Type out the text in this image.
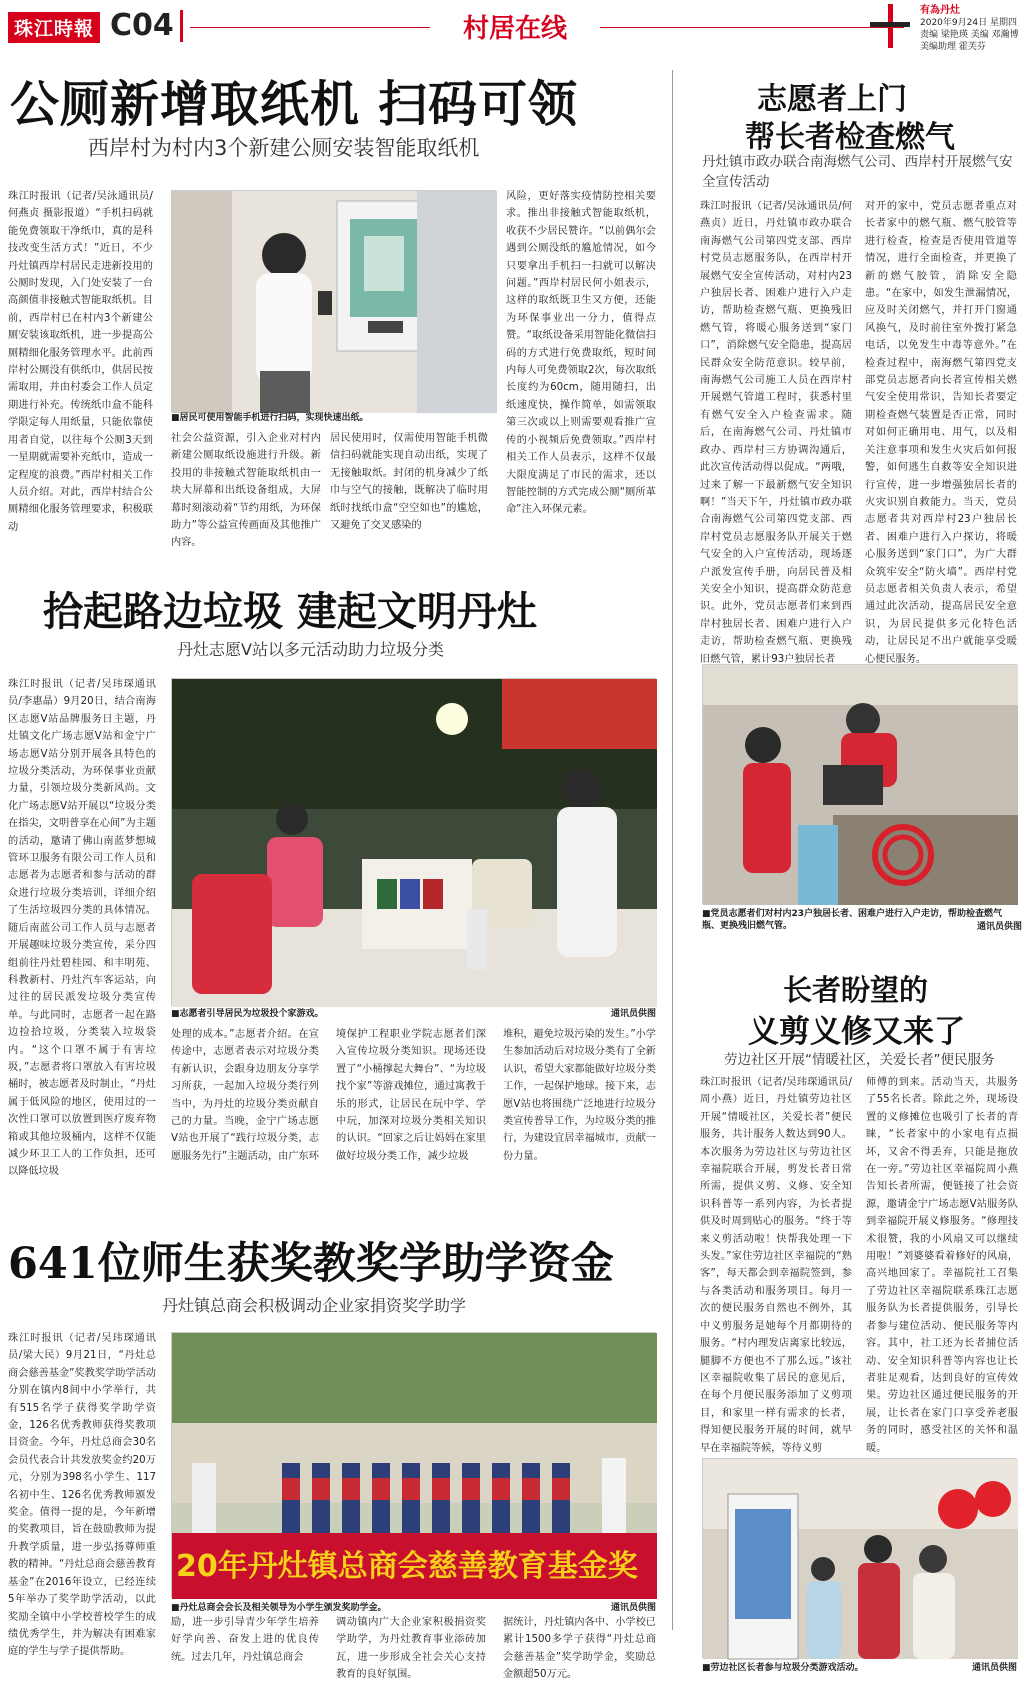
珠江時報 C04	村居在线
有為丹灶
2020年9月24日 星期四
责编 梁艳瑛 美编 邓瀚博
美编助理 霍芙芬
公厕新增取纸机 扫码可领
西岸村为村内3个新建公厕安装智能取纸机
珠江时报讯（记者/吴泳通讯员/何燕贞 摄影报道）“手机扫码就能免费领取干净纸巾，真的是科技改变生活方式！”近日，不少丹灶镇西岸村居民走进新投用的公厕时发现，入门处安装了一台高颜值非接触式智能取纸机。目前，西岸村已在村内3个新建公厕安装该取纸机，进一步提高公厕精细化服务管理水平。此前西岸村公厕没有供纸巾，供居民按需取用，并由村委会工作人员定期进行补充。传统纸巾盒不能科学限定每人用纸量，只能依靠使用者自觉，以往每个公厕3天到一星期就需要补充纸巾，造成一定程度的浪费。”西岸村相关工作人员介绍。对此，西岸村结合公厕精细化服务管理要求，积极联动
■居民可使用智能手机进行扫码，实现快速出纸。
社会公益资源，引入企业对村内新建公厕取纸设施进行升级。新投用的非接触式智能取纸机由一块大屏幕和出纸设备组成，大屏幕时刻滚动着“节约用纸，为环保助力”等公益宣传画面及其他推广内容。
居民使用时，仅需使用智能手机微信扫码就能实现自动出纸，实现了无接触取纸。封闭的机身减少了纸巾与空气的接触，既解决了临时用纸时找纸巾盒“空空如也”的尴尬，又避免了交叉感染的
风险，更好落实疫情防控相关要求。推出非接触式智能取纸机，收获不少居民赞许。“以前偶尔会遇到公厕没纸的尴尬情况，如今只要拿出手机扫一扫就可以解决问题。”西岸村居民何小姐表示，这样的取纸既卫生又方便，还能为环保事业出一分力，值得点赞。“取纸设备采用智能化微信扫码的方式进行免费取纸，短时间内每人可免费领取2次，每次取纸长度约为60cm，随用随扫，出纸速度快，操作简单，如需领取第三次或以上则需要观看推广宣传的小视频后免费领取。”西岸村相关工作人员表示，这样不仅最大限度满足了市民的需求，还以智能控制的方式完成公厕“厕所革命”注入环保元素。
志愿者上门
帮长者检查燃气
丹灶镇市政办联合南海燃气公司、西岸村开展燃气安全宣传活动
珠江时报讯（记者/吴泳通讯员/何燕贞）近日，丹灶镇市政办联合南海燃气公司第四党支部、西岸村党员志愿服务队，在西岸村开展燃气安全宣传活动，对村内23户独居长者、困难户进行入户走访，帮助检查燃气瓶、更换残旧燃气管，将暖心服务送到“家门口”，消除燃气安全隐患，提高居民群众安全防范意识。较早前，南海燃气公司施工人员在西岸村开展燃气管道工程时，获悉村里有燃气安全入户检查需求。随后，在南海燃气公司、丹灶镇市政办、西岸村三方协调沟通后，此次宣传活动得以促成。“两哦，过来了解一下最新燃气安全知识啊！”当天下午，丹灶镇市政办联合南海燃气公司第四党支部、西岸村党员志愿服务队开展关于燃气安全的入户宣传活动，现场逐户派发宣传手册，向居民普及相关安全小知识，提高群众防范意识。此外，党员志愿者们来到西岸村独居长者、困难户进行入户走访，帮助检查燃气瓶、更换残旧燃气管，累计93户独居长者
对开的家中，党员志愿者重点对长者家中的燃气瓶、燃气胶管等进行检查，检查是否使用管道等情况，进行全面检查，并更换了新的燃气胶管，消除安全隐患。“在家中，如发生泄漏情况，应及时关闭燃气，并打开门窗通风换气，及时前往室外拨打紧急电话，以免发生中毒等意外。”在检查过程中，南海燃气第四党支部党员志愿者向长者宣传相关燃气安全使用常识，告知长者要定期检查燃气装置是否正常，同时对如何正确用电、用气，以及相关注意事项和发生火灾后如何报警，如何逃生自救等安全知识进行宣传，进一步增强独居长者的火灾识别自救能力。当天，党员志愿者共对西岸村23户独居长者、困难户进行入户探访，将暖心服务送到“家门口”，为广大群众筑牢安全“防火墙”。西岸村党员志愿者相关负责人表示，希望通过此次活动，提高居民安全意识，为居民提供多元化特色活动，让居民足不出户就能享受暖心便民服务。
■党员志愿者们对村内23户独居长者、困难户进行入户走访，帮助检查燃气瓶、更换残旧燃气管。	通讯员供图
拾起路边垃圾 建起文明丹灶
丹灶志愿V站以多元活动助力垃圾分类
珠江时报讯（记者/吴玮琛通讯员/李惠晶）9月20日，结合南海区志愿V站品牌服务日主题，丹灶镇文化广场志愿V站和金宁广场志愿V站分别开展各具特色的垃圾分类活动，为环保事业贡献力量，引领垃圾分类新风尚。文化广场志愿V站开展以“垃圾分类在指尖，文明普享在心间”为主题的活动，邀请了佛山南蓝梦想城管环卫服务有限公司工作人员和志愿者为志愿者和参与活动的群众进行垃圾分类培训，详细介绍了生活垃圾四分类的具体情况。随后南蓝公司工作人员与志愿者开展趣味垃圾分类宣传，采分四组前往丹灶碧桂园、和丰明苑、科教新村、丹灶汽车客运站，向过往的居民派发垃圾分类宣传单。与此同时，志愿者一起在路边捡拾垃圾，分类装入垃圾袋内。“这个口罩不属于有害垃圾，”志愿者将口罩放入有害垃圾桶时，被志愿者及时制止，“丹灶属于低风险的地区，使用过的一次性口罩可以放置到医疗废弃物箱或其他垃圾桶内，这样不仅能减少环卫工人的工作负担，还可以降低垃圾
■志愿者引导居民为垃圾投个家游戏。	通讯员供图
处理的成本。”志愿者介绍。在宣传途中，志愿者表示对垃圾分类有新认识，会跟身边朋友分享学习所获，一起加入垃圾分类行列当中，为丹灶的垃圾分类贡献自己的力量。当晚，金宁广场志愿V站也开展了“践行垃圾分类，志愿服务先行”主题活动，由广东环
境保护工程职业学院志愿者们深入宣传垃圾分类知识。现场还设置了“小桶撑起大舞台”、“为垃圾找个家”等游戏摊位，通过寓教于乐的形式，让居民在玩中学、学中玩，加深对垃圾分类相关知识的认识。“回家之后让妈妈在家里做好垃圾分类工作，减少垃圾
堆积，避免垃圾污染的发生。”小学生参加活动后对垃圾分类有了全新认识，希望大家都能做好垃圾分类工作，一起保护地球。接下来，志愿V站也将围绕广泛地进行垃圾分类宣传普导工作，为垃圾分类的推行，为建设宜居幸福城市，贡献一份力量。
长者盼望的
义剪义修又来了
劳边社区开展“情暖社区，关爱长者”便民服务
珠江时报讯（记者/吴玮琛通讯员/周小燕）近日，丹灶镇劳边社区开展“情暖社区，关爱长者”便民服务，共计服务人数达到90人。本次服务为劳边社区与劳边社区幸福院联合开展，剪发长者日常所需，提供义剪、义修、安全知识科普等一系列内容，为长者提供及时周到贴心的服务。“终于等来义剪活动啦！快帮我处理一下头发。”家住劳边社区幸福院的“熟客”，每天都会到幸福院签到，参与各类活动和服务项目。每月一次的便民服务自然也不例外，其中义剪服务是她每个月都期待的服务。“村内理发店离家比较远，腿脚不方便也不了那么远。”该社区幸福院收集了居民的意见后，在每个月便民服务添加了义剪项目，和家里一样有需求的长者，得知便民服务开展的时间，就早早在幸福院等候，等待义剪
师傅的到来。活动当天，共服务了55名长者。除此之外，现场设置的义修摊位也吸引了长者的青睐，“长者家中的小家电有点损坏，又舍不得丢弃，只能是拖放在一旁。”劳边社区幸福院周小燕告知长者所需，便链接了社会资源，邀请金宁广场志愿V站服务队到幸福院开展义修服务。“修理技术很赞，我的小风扇又可以继续用啦！”刘婆婆看着修好的风扇，高兴地回家了。幸福院社工召集了劳边社区幸福院联系珠江志愿服务队为长者提供服务，引导长者参与建位活动、便民服务等内容。其中，社工还为长者捕位活动、安全知识科普等内容也让长者驻足观看，达到良好的宣传效果。劳边社区通过便民服务的开展，让长者在家门口享受养老服务的同时，感受社区的关怀和温暖。
■劳边社区长者参与垃圾分类游戏活动。	通讯员供图
641位师生获奖教奖学助学资金
丹灶镇总商会积极调动企业家捐资奖学助学
珠江时报讯（记者/吴玮琛通讯员/梁大民）9月21日，“丹灶总商会慈善基金”奖教奖学助学活动分别在镇内8间中小学举行，共有515名学子获得奖学助学资金，126名优秀教师获得奖教项目资金。今年，丹灶总商会30名会员代表合计共发放奖金约20万元，分别为398名小学生、117名初中生、126名优秀教师颁发奖金。值得一提的是，今年新增的奖教项目，旨在鼓励教师为提升教学质量，进一步弘扬尊师重教的精神。“丹灶总商会慈善教育基金”在2016年设立，已经连续5年举办了奖学助学活动，以此奖励全镇中小学校普校学生的成绩优秀学生，并为解决有困难家庭的学生与学子提供帮助。
20年丹灶镇总商会慈善教育基金奖
■丹灶总商会会长及相关领导为小学生颁发奖助学金。	通讯员供图
励，进一步引导青少年学生培养好学向善、奋发上进的优良传统。过去几年，丹灶镇总商会
调动镇内广大企业家积极捐资奖学助学，为丹灶教育事业添砖加瓦，进一步形成全社会关心支持教育的良好氛围。
据统计，丹灶镇内各中、小学校已累计1500多学子获得“丹灶总商会慈善基金”奖学助学金，奖励总金额超50万元。
